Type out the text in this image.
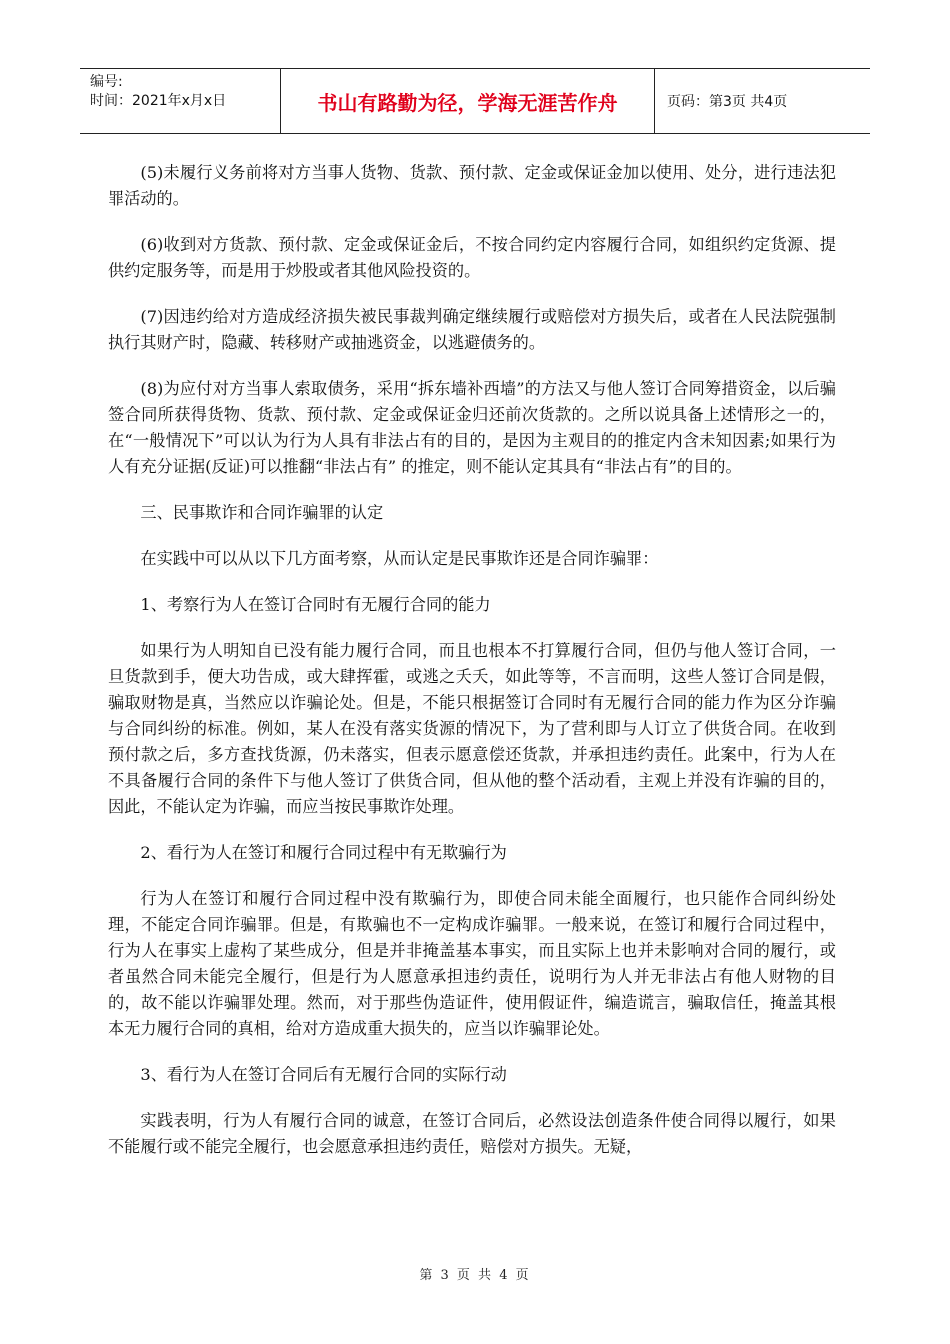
编号:
时间：2021年x月x日	书山有路勤为径，学海无涯苦作舟	页码：第3页 共4页

(5)未履行义务前将对方当事人货物、货款、预付款、定金或保证金加以使用、处分，进行违法犯罪活动的。

(6)收到对方货款、预付款、定金或保证金后，不按合同约定内容履行合同，如组织约定货源、提供约定服务等，而是用于炒股或者其他风险投资的。

(7)因违约给对方造成经济损失被民事裁判确定继续履行或赔偿对方损失后，或者在人民法院强制执行其财产时，隐藏、转移财产或抽逃资金，以逃避债务的。

(8)为应付对方当事人索取债务，采用“拆东墙补西墙”的方法又与他人签订合同筹措资金，以后骗签合同所获得货物、货款、预付款、定金或保证金归还前次货款的。之所以说具备上述情形之一的，在“一般情况下”可以认为行为人具有非法占有的目的，是因为主观目的的推定内含未知因素;如果行为人有充分证据(反证)可以推翻“非法占有” 的推定，则不能认定其具有“非法占有”的目的。

三、民事欺诈和合同诈骗罪的认定

在实践中可以从以下几方面考察，从而认定是民事欺诈还是合同诈骗罪：

1、考察行为人在签订合同时有无履行合同的能力

如果行为人明知自已没有能力履行合同，而且也根本不打算履行合同，但仍与他人签订合同，一旦货款到手，便大功告成，或大肆挥霍，或逃之夭夭，如此等等，不言而明，这些人签订合同是假，骗取财物是真，当然应以诈骗论处。但是，不能只根据签订合同时有无履行合同的能力作为区分诈骗与合同纠纷的标准。例如，某人在没有落实货源的情况下，为了营利即与人订立了供货合同。在收到预付款之后，多方查找货源，仍未落实，但表示愿意偿还货款，并承担违约责任。此案中，行为人在不具备履行合同的条件下与他人签订了供货合同，但从他的整个活动看，主观上并没有诈骗的目的，因此，不能认定为诈骗，而应当按民事欺诈处理。

2、看行为人在签订和履行合同过程中有无欺骗行为

行为人在签订和履行合同过程中没有欺骗行为，即使合同未能全面履行，也只能作合同纠纷处理，不能定合同诈骗罪。但是，有欺骗也不一定构成诈骗罪。一般来说，在签订和履行合同过程中，行为人在事实上虚构了某些成分，但是并非掩盖基本事实，而且实际上也并未影响对合同的履行，或者虽然合同未能完全履行，但是行为人愿意承担违约责任，说明行为人并无非法占有他人财物的目的，故不能以诈骗罪处理。然而，对于那些伪造证件，使用假证件，编造谎言，骗取信任，掩盖其根本无力履行合同的真相，给对方造成重大损失的，应当以诈骗罪论处。

3、看行为人在签订合同后有无履行合同的实际行动

实践表明，行为人有履行合同的诚意，在签订合同后，必然设法创造条件使合同得以履行，如果不能履行或不能完全履行，也会愿意承担违约责任，赔偿对方损失。无疑，

第 3 页 共 4 页
